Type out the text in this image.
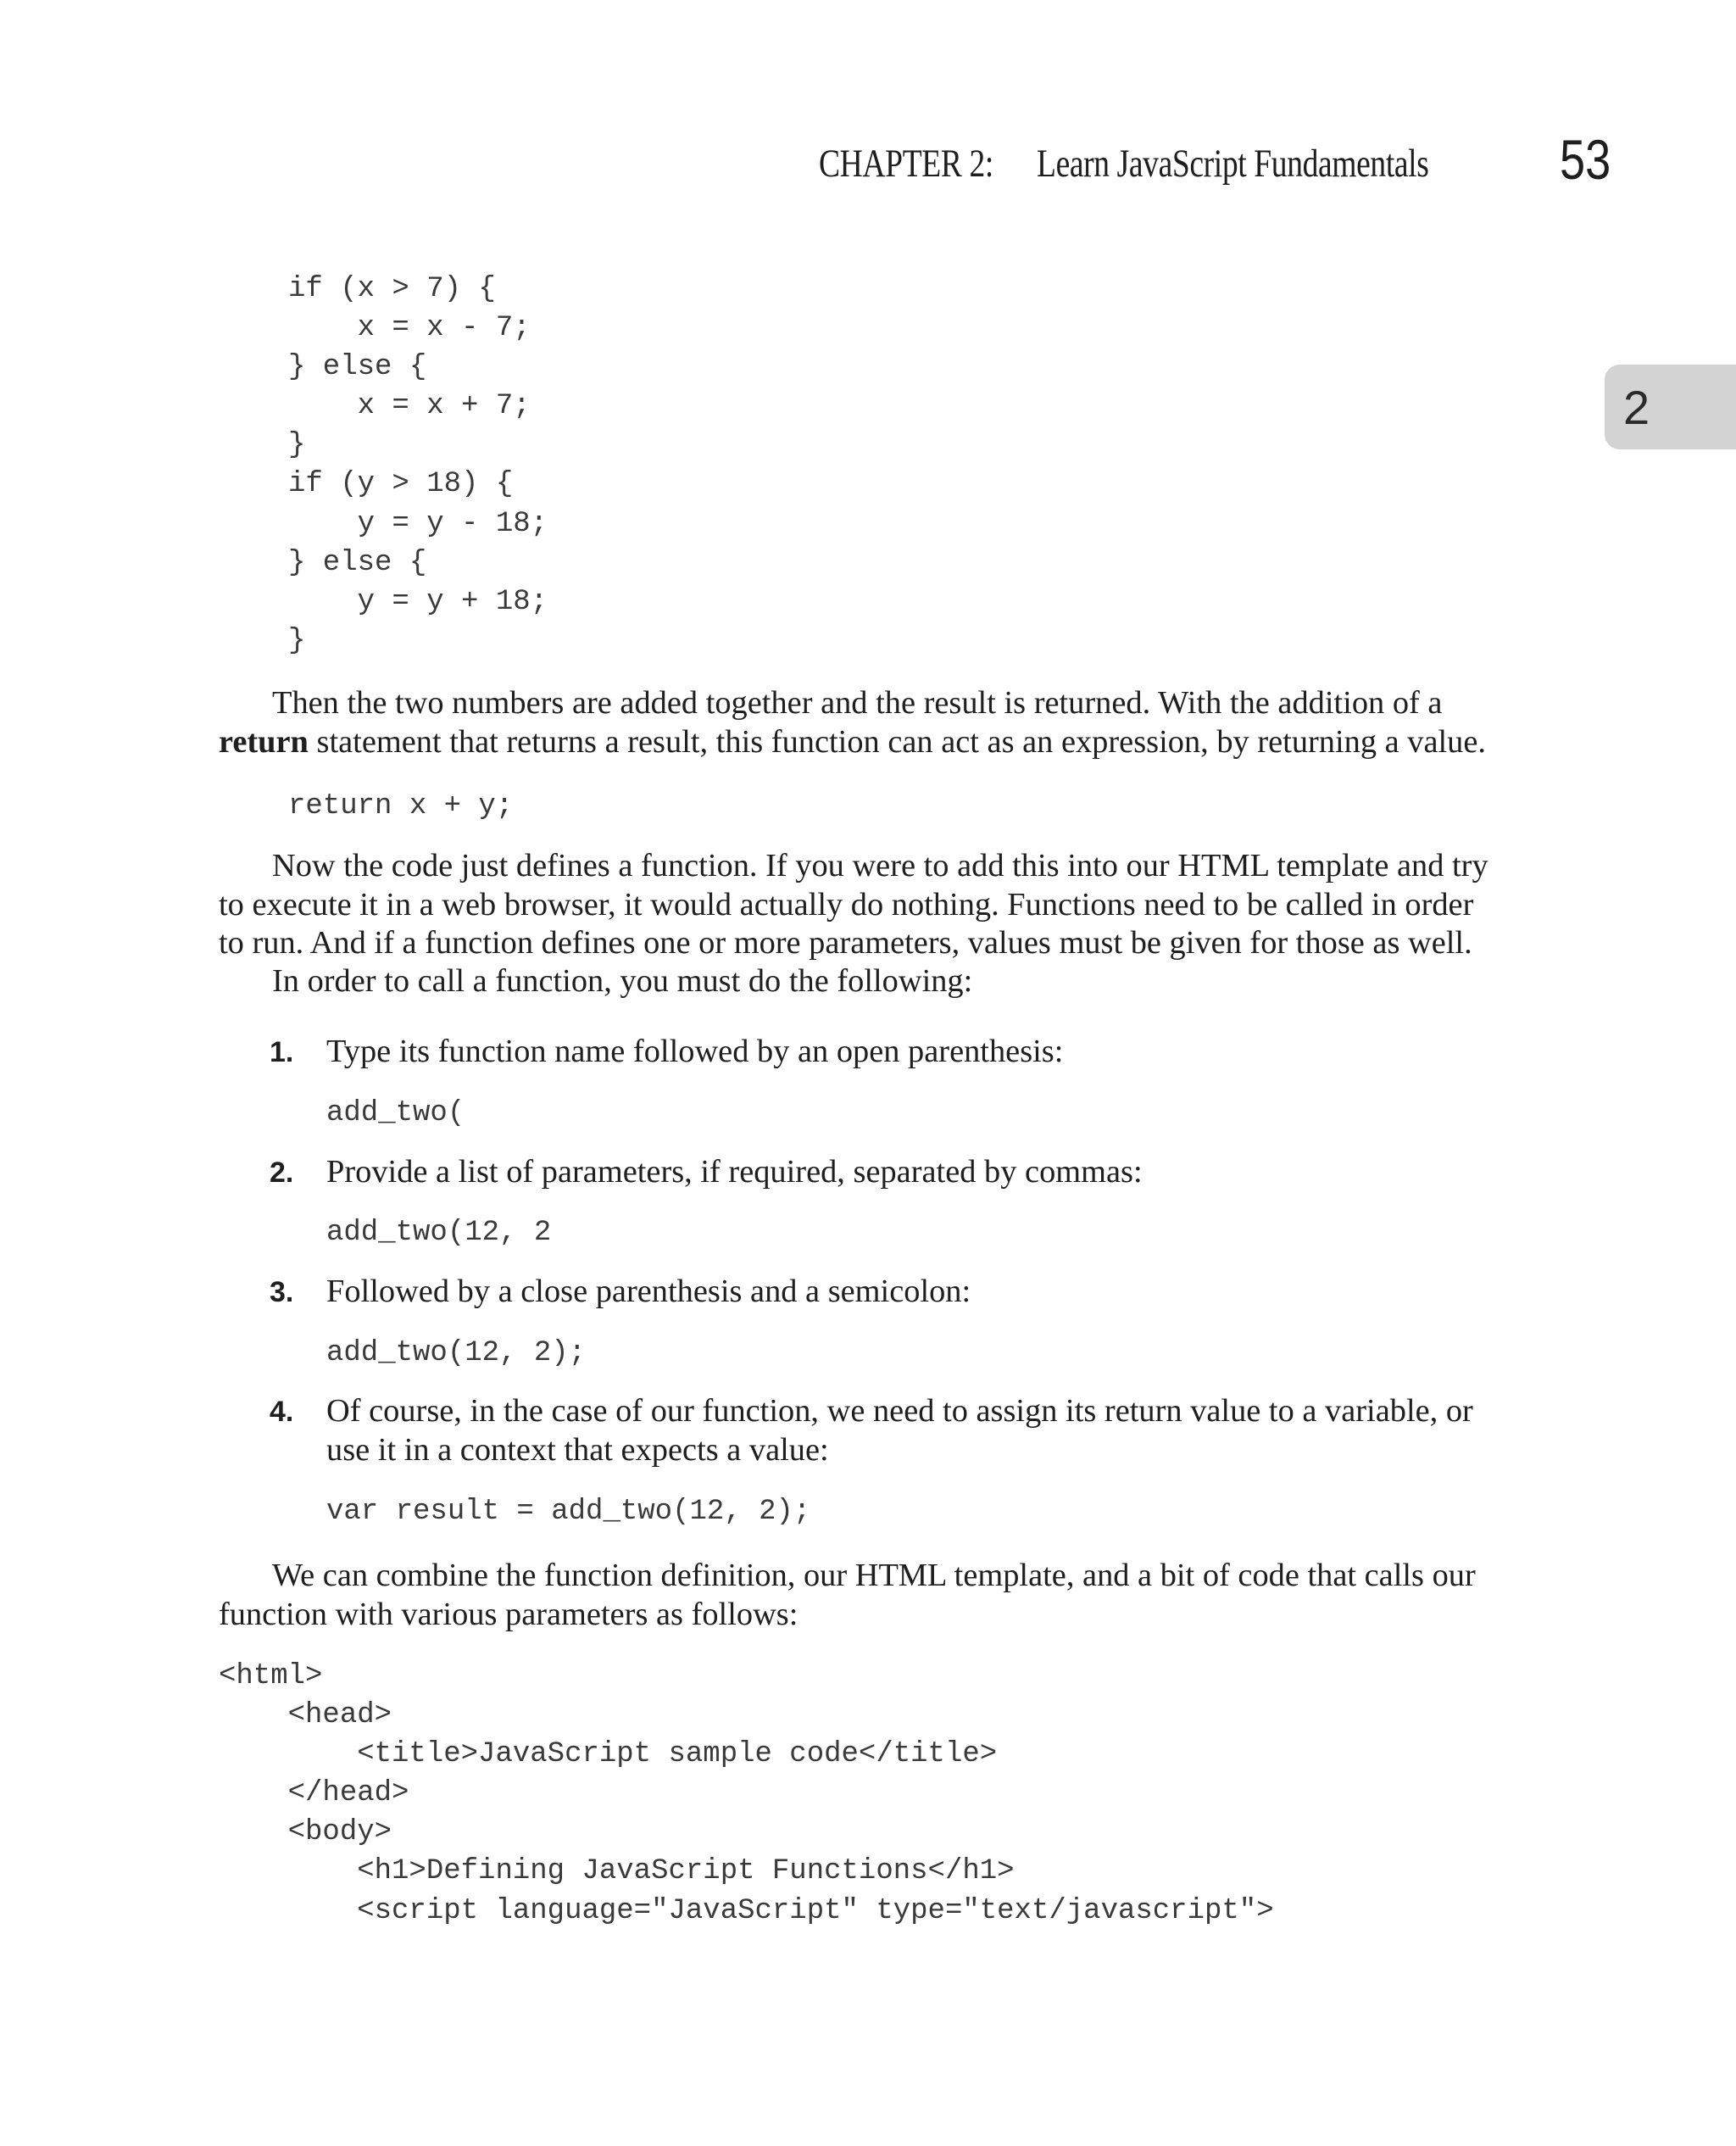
CHAPTER 2: Learn JavaScript Fundamentals 53
2
if (x > 7) {
x = x - 7;
} else {
x = x + 7;
}
if (y > 18) {
y = y - 18;
} else {
y = y + 18;
}

Then the two numbers are added together and the result is returned. With the addition of a return statement that returns a result, this function can act as an expression, by returning a value.

return x + y;

Now the code just defines a function. If you were to add this into our HTML template and try to execute it in a web browser, it would actually do nothing. Functions need to be called in order to run. And if a function defines one or more parameters, values must be given for those as well.

In order to call a function, you must do the following:

1. Type its function name followed by an open parenthesis:

add_two(
2. Provide a list of parameters, if required, separated by commas:

add_two(12, 2
3. Followed by a close parenthesis and a semicolon:

add_two(12, 2);
4. Of course, in the case of our function, we need to assign its return value to a variable, or use it in a context that expects a value:

var result = add_two(12, 2);

We can combine the function definition, our HTML template, and a bit of code that calls our function with various parameters as follows:

<html>
<head>
<title>JavaScript sample code</title>
</head>
<body>
<h1>Defining JavaScript Functions</h1>
<script language="JavaScript" type="text/javascript">
